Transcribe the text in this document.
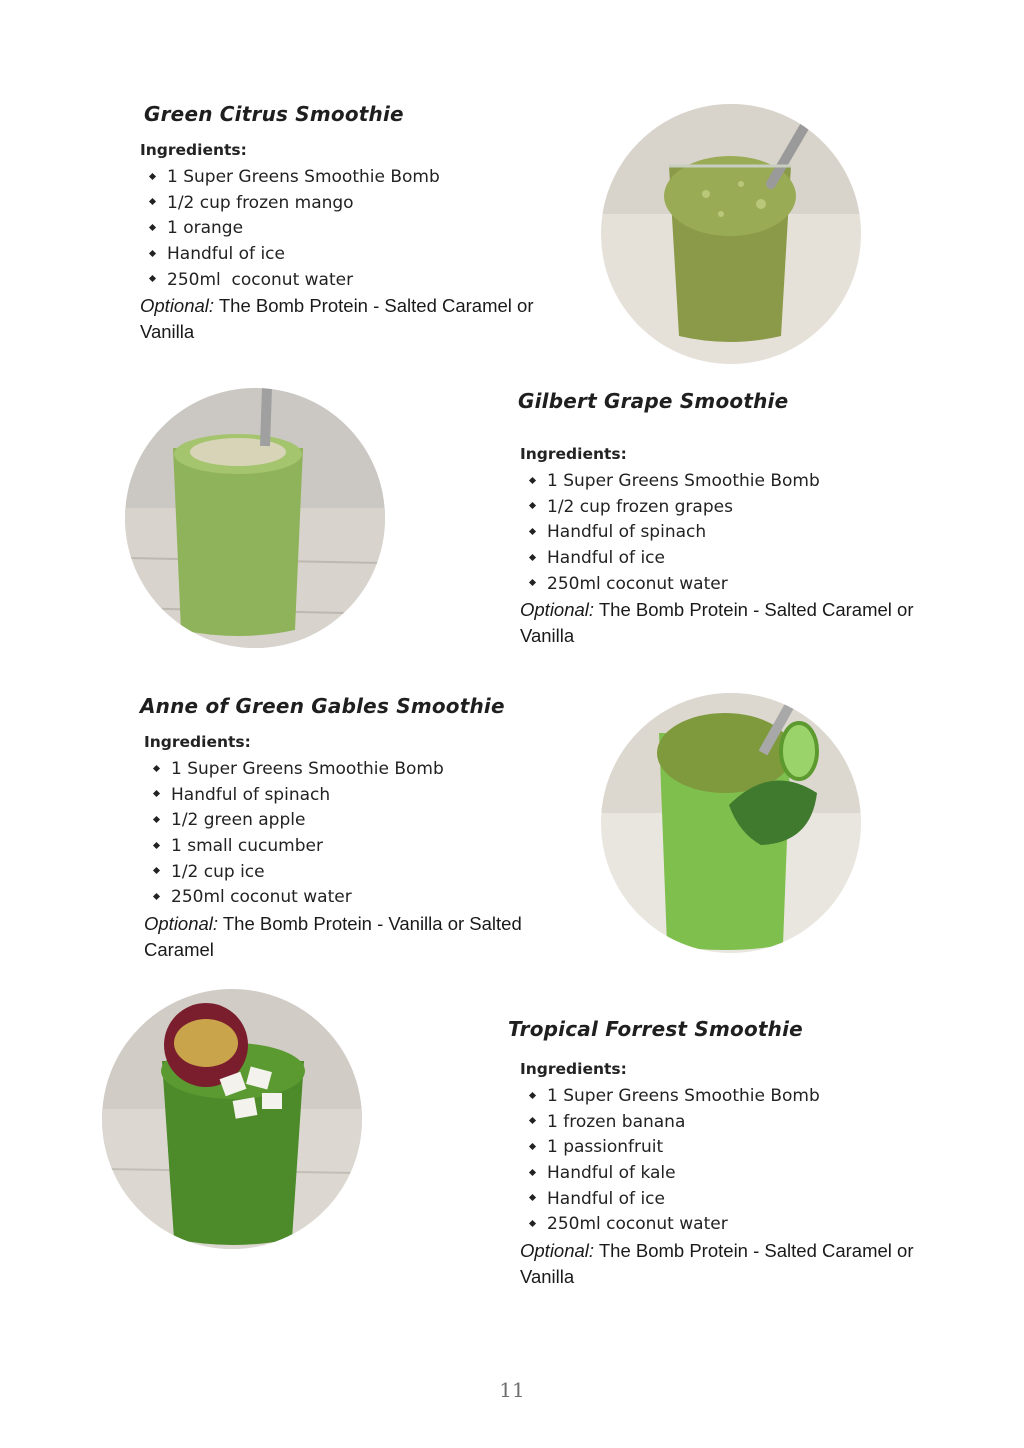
Green Citrus Smoothie

Ingredients:

1 Super Greens Smoothie Bomb
1/2 cup frozen mango
1 orange
Handful of ice
250ml  coconut water

Optional: The Bomb Protein - Salted Caramel or Vanilla

Gilbert Grape Smoothie

Ingredients:

1 Super Greens Smoothie Bomb
1/2 cup frozen grapes
Handful of spinach
Handful of ice
250ml coconut water

Optional: The Bomb Protein - Salted Caramel or Vanilla

Anne of Green Gables Smoothie

Ingredients:

1 Super Greens Smoothie Bomb
Handful of spinach
1/2 green apple
1 small cucumber
1/2 cup ice
250ml coconut water

Optional: The Bomb Protein - Vanilla or Salted Caramel

Tropical Forrest Smoothie

Ingredients:

1 Super Greens Smoothie Bomb
1 frozen banana
1 passionfruit
Handful of kale
Handful of ice
250ml coconut water

Optional: The Bomb Protein - Salted Caramel or Vanilla

11
